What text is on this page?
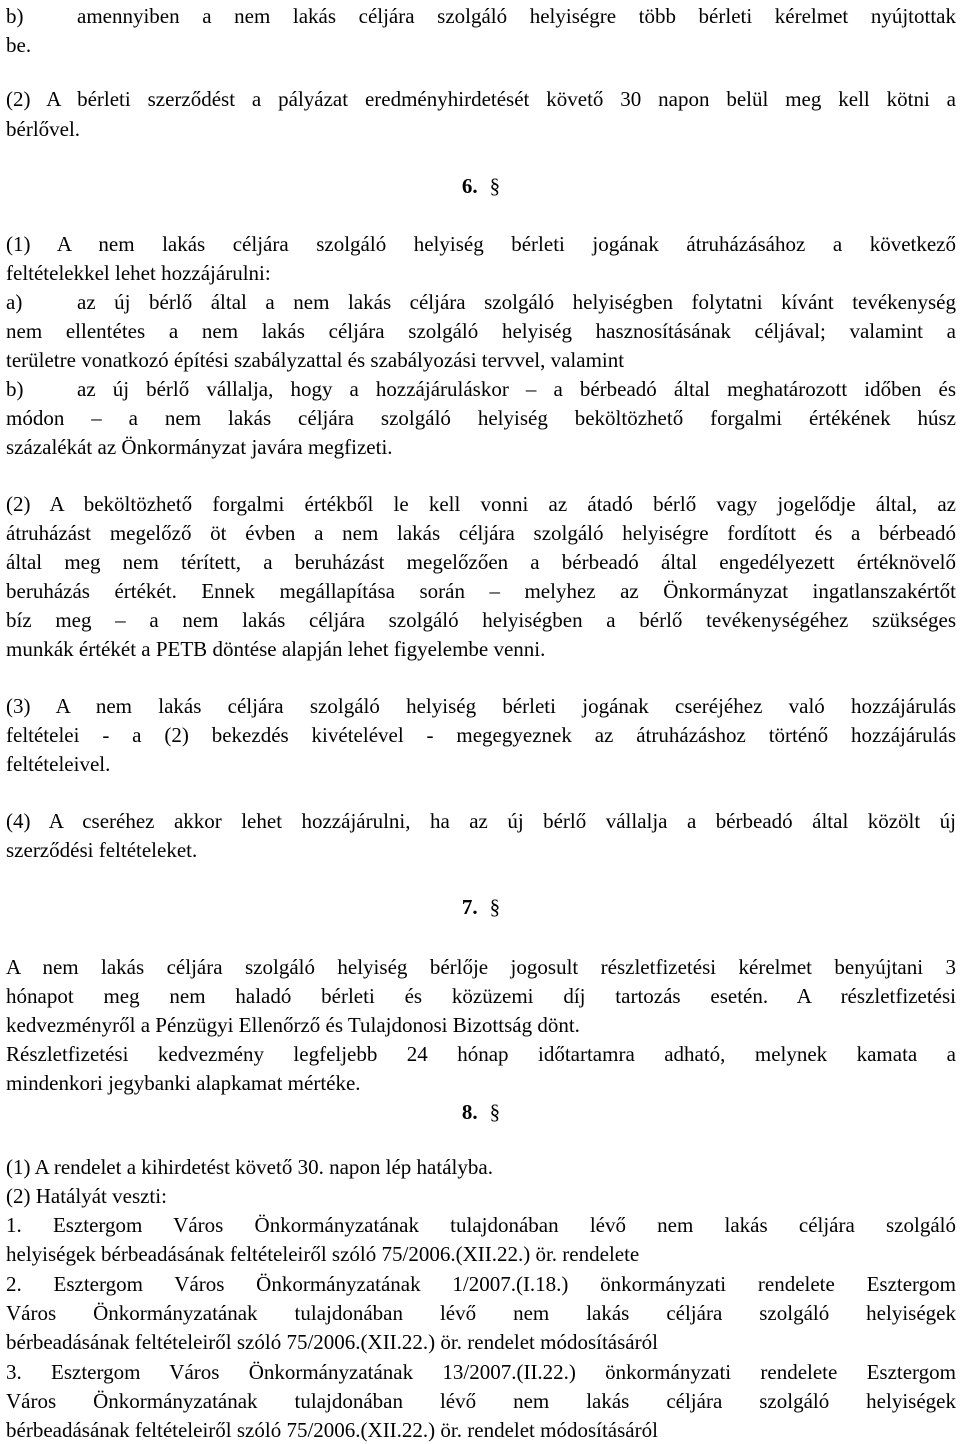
b)	amennyiben a nem lakás céljára szolgáló helyiségre több bérleti kérelmet nyújtottak
be.
(2) A bérleti szerződést a pályázat eredményhirdetését követő 30 napon belül meg kell kötni a
bérlővel.
6. §
(1) A nem lakás céljára szolgáló helyiség bérleti jogának átruházásához a következő
feltételekkel lehet hozzájárulni:
a)	az új bérlő által a nem lakás céljára szolgáló helyiségben folytatni kívánt tevékenység
nem ellentétes a nem lakás céljára szolgáló helyiség hasznosításának céljával; valamint a
területre vonatkozó építési szabályzattal és szabályozási tervvel, valamint
b)	az új bérlő vállalja, hogy a hozzájáruláskor – a bérbeadó által meghatározott időben és
módon – a nem lakás céljára szolgáló helyiség beköltözhető forgalmi értékének húsz
százalékát az Önkormányzat javára megfizeti.
(2) A beköltözhető forgalmi értékből le kell vonni az átadó bérlő vagy jogelődje által, az
átruházást megelőző öt évben a nem lakás céljára szolgáló helyiségre fordított és a bérbeadó
által meg nem térített, a beruházást megelőzően a bérbeadó által engedélyezett értéknövelő
beruházás értékét. Ennek megállapítása során – melyhez az Önkormányzat ingatlanszakértőt
bíz meg – a nem lakás céljára szolgáló helyiségben a bérlő tevékenységéhez szükséges
munkák értékét a PETB döntése alapján lehet figyelembe venni.
(3) A nem lakás céljára szolgáló helyiség bérleti jogának cseréjéhez való hozzájárulás
feltételei - a (2) bekezdés kivételével - megegyeznek az átruházáshoz történő hozzájárulás
feltételeivel.
(4) A cseréhez akkor lehet hozzájárulni, ha az új bérlő vállalja a bérbeadó által közölt új
szerződési feltételeket.
7. §
A nem lakás céljára szolgáló helyiség bérlője jogosult részletfizetési kérelmet benyújtani 3
hónapot meg nem haladó bérleti és közüzemi díj tartozás esetén. A részletfizetési
kedvezményről a Pénzügyi Ellenőrző és Tulajdonosi Bizottság dönt.
Részletfizetési kedvezmény legfeljebb 24 hónap időtartamra adható, melynek kamata a
mindenkori jegybanki alapkamat mértéke.
8. §
(1) A rendelet a kihirdetést követő 30. napon lép hatályba.
(2) Hatályát veszti:
1. Esztergom Város Önkormányzatának tulajdonában lévő nem lakás céljára szolgáló
helyiségek bérbeadásának feltételeiről szóló 75/2006.(XII.22.) ör. rendelete
2. Esztergom Város Önkormányzatának 1/2007.(I.18.) önkormányzati rendelete Esztergom
Város Önkormányzatának tulajdonában lévő nem lakás céljára szolgáló helyiségek
bérbeadásának feltételeiről szóló 75/2006.(XII.22.) ör. rendelet módosításáról
3. Esztergom Város Önkormányzatának 13/2007.(II.22.) önkormányzati rendelete Esztergom
Város Önkormányzatának tulajdonában lévő nem lakás céljára szolgáló helyiségek
bérbeadásának feltételeiről szóló 75/2006.(XII.22.) ör. rendelet módosításáról
